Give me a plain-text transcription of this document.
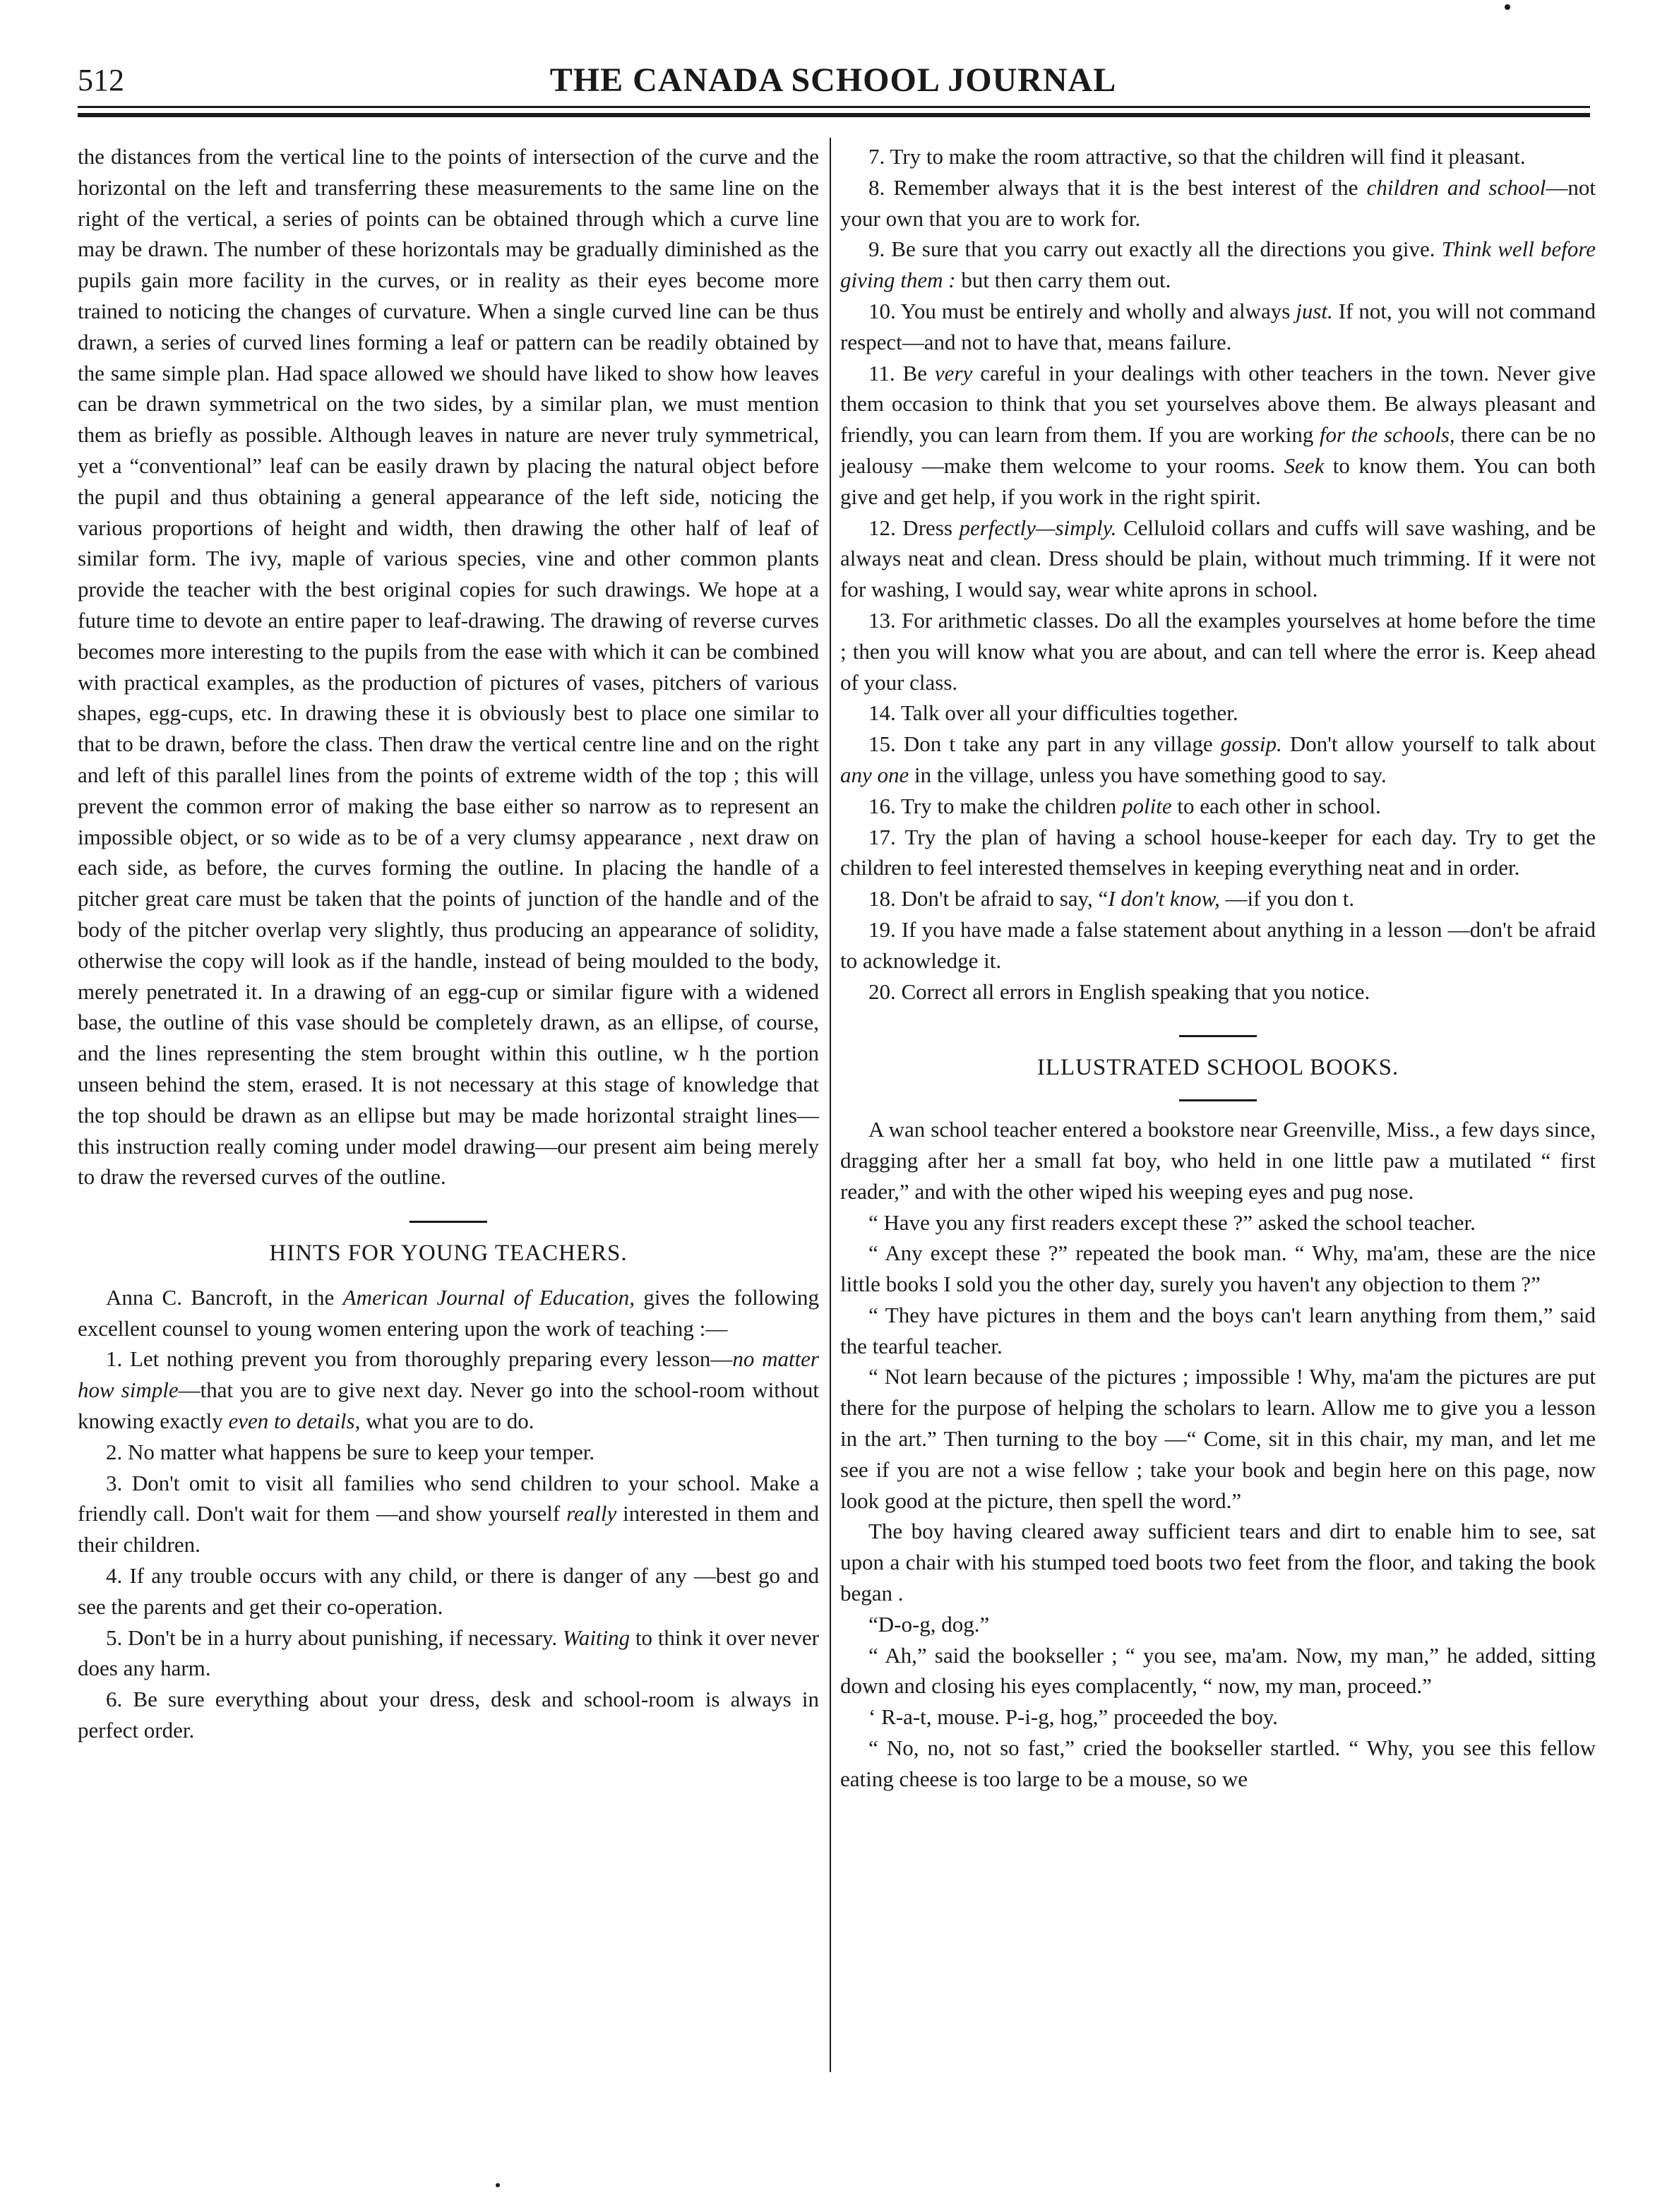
512	THE CANADA SCHOOL JOURNAL

the distances from the vertical line to the points of intersection of the curve and the horizontal on the left and transferring these measurements to the same line on the right of the vertical, a series of points can be obtained through which a curve line may be drawn. The number of these horizontals may be gradually diminished as the pupils gain more facility in the curves, or in reality as their eyes become more trained to noticing the changes of curvature. When a single curved line can be thus drawn, a series of curved lines forming a leaf or pattern can be readily obtained by the same simple plan. Had space allowed we should have liked to show how leaves can be drawn symmetrical on the two sides, by a similar plan, we must mention them as briefly as possible. Although leaves in nature are never truly symmetrical, yet a “conventional” leaf can be easily drawn by placing the natural object before the pupil and thus obtaining a general appearance of the left side, noticing the various proportions of height and width, then drawing the other half of leaf of similar form. The ivy, maple of various species, vine and other common plants provide the teacher with the best original copies for such drawings. We hope at a future time to devote an entire paper to leaf-drawing. The drawing of reverse curves becomes more interesting to the pupils from the ease with which it can be combined with practical examples, as the production of pictures of vases, pitchers of various shapes, egg-cups, etc. In drawing these it is obviously best to place one similar to that to be drawn, before the class. Then draw the vertical centre line and on the right and left of this parallel lines from the points of extreme width of the top ; this will prevent the common error of making the base either so narrow as to represent an impossible object, or so wide as to be of a very clumsy appearance , next draw on each side, as before, the curves forming the outline. In placing the handle of a pitcher great care must be taken that the points of junction of the handle and of the body of the pitcher overlap very slightly, thus producing an appearance of solidity, otherwise the copy will look as if the handle, instead of being moulded to the body, merely penetrated it. In a drawing of an egg-cup or similar figure with a widened base, the outline of this vase should be completely drawn, as an ellipse, of course, and the lines representing the stem brought within this outline, w h the portion unseen behind the stem, erased. It is not necessary at this stage of knowledge that the top should be drawn as an ellipse but may be made horizontal straight lines—this instruction really coming under model drawing—our present aim being merely to draw the reversed curves of the outline.

HINTS FOR YOUNG TEACHERS.

Anna C. Bancroft, in the American Journal of Education, gives the following excellent counsel to young women entering upon the work of teaching :—

1. Let nothing prevent you from thoroughly preparing every lesson—no matter how simple—that you are to give next day. Never go into the school-room without knowing exactly even to details, what you are to do.

2. No matter what happens be sure to keep your temper.

3. Don't omit to visit all families who send children to your school. Make a friendly call. Don't wait for them —and show yourself really interested in them and their children.

4. If any trouble occurs with any child, or there is danger of any —best go and see the parents and get their co-operation.

5. Don't be in a hurry about punishing, if necessary. Waiting to think it over never does any harm.

6. Be sure everything about your dress, desk and school-room is always in perfect order.

7. Try to make the room attractive, so that the children will find it pleasant.

8. Remember always that it is the best interest of the children and school—not your own that you are to work for.

9. Be sure that you carry out exactly all the directions you give. Think well before giving them : but then carry them out.

10. You must be entirely and wholly and always just. If not, you will not command respect—and not to have that, means failure.

11. Be very careful in your dealings with other teachers in the town. Never give them occasion to think that you set yourselves above them. Be always pleasant and friendly, you can learn from them. If you are working for the schools, there can be no jealousy —make them welcome to your rooms. Seek to know them. You can both give and get help, if you work in the right spirit.

12. Dress perfectly—simply. Celluloid collars and cuffs will save washing, and be always neat and clean. Dress should be plain, without much trimming. If it were not for washing, I would say, wear white aprons in school.

13. For arithmetic classes. Do all the examples yourselves at home before the time ; then you will know what you are about, and can tell where the error is. Keep ahead of your class.

14. Talk over all your difficulties together.

15. Don t take any part in any village gossip. Don't allow yourself to talk about any one in the village, unless you have something good to say.

16. Try to make the children polite to each other in school.

17. Try the plan of having a school house-keeper for each day. Try to get the children to feel interested themselves in keeping everything neat and in order.

18. Don't be afraid to say, “I don't know, —if you don t.

19. If you have made a false statement about anything in a lesson —don't be afraid to acknowledge it.

20. Correct all errors in English speaking that you notice.

ILLUSTRATED SCHOOL BOOKS.

A wan school teacher entered a bookstore near Greenville, Miss., a few days since, dragging after her a small fat boy, who held in one little paw a mutilated “ first reader,” and with the other wiped his weeping eyes and pug nose.

“ Have you any first readers except these ?” asked the school teacher.

“ Any except these ?” repeated the book man. “ Why, ma'am, these are the nice little books I sold you the other day, surely you haven't any objection to them ?”

“ They have pictures in them and the boys can't learn anything from them,” said the tearful teacher.

“ Not learn because of the pictures ; impossible ! Why, ma'am the pictures are put there for the purpose of helping the scholars to learn. Allow me to give you a lesson in the art.” Then turning to the boy —“ Come, sit in this chair, my man, and let me see if you are not a wise fellow ; take your book and begin here on this page, now look good at the picture, then spell the word.”

The boy having cleared away sufficient tears and dirt to enable him to see, sat upon a chair with his stumped toed boots two feet from the floor, and taking the book began .

“D-o-g, dog.”

“ Ah,” said the bookseller ; “ you see, ma'am. Now, my man,” he added, sitting down and closing his eyes complacently, “ now, my man, proceed.”

‘ R-a-t, mouse. P-i-g, hog,” proceeded the boy.

“ No, no, not so fast,” cried the bookseller startled. “ Why, you see this fellow eating cheese is too large to be a mouse, so we
